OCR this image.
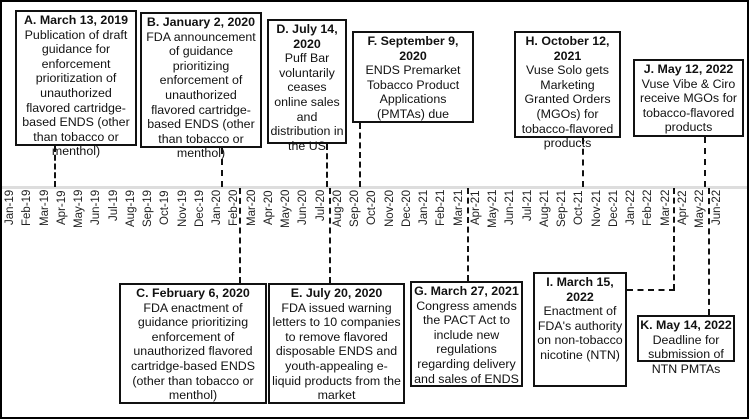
Jan-19 Feb-19 Mar-19 Apr-19 May-19 Jun-19 Jul-19 Aug-19 Sep-19 Oct-19 Nov-19 Dec-19 Jan-20 Feb-20 Mar-20 Apr-20 May-20 Jun-20 Jul-20 Aug-20 Sep-20 Oct-20 Nov-20 Dec-20 Jan-21 Feb-21 Mar-21 Apr-21 May-21 Jun-21 Jul-21 Aug-21 Sep-21 Oct-21 Nov-21 Dec-21 Jan-22 Feb-22 Mar-22 Apr-22 May-22 Jun-22
A. March 13, 2019
Publication of draft guidance for enforcement prioritization of unauthorized flavored cartridge-based ENDS (other than tobacco or menthol)
B. January 2, 2020
FDA announcement of guidance prioritizing enforcement of unauthorized flavored cartridge-based ENDS (other than tobacco or menthol)
D. July 14, 2020
Puff Bar voluntarily ceases online sales and distribution in the US
F. September 9, 2020
ENDS Premarket Tobacco Product Applications (PMTAs) due
H. October 12, 2021
Vuse Solo gets Marketing Granted Orders (MGOs) for tobacco-flavored products
J. May 12, 2022
Vuse Vibe & Ciro receive MGOs for tobacco-flavored products
C. February 6, 2020
FDA enactment of guidance prioritizing enforcement of unauthorized flavored cartridge-based ENDS (other than tobacco or menthol)
E. July 20, 2020
FDA issued warning letters to 10 companies to remove flavored disposable ENDS and youth-appealing e-liquid products from the market
G. March 27, 2021
Congress amends the PACT Act to include new regulations regarding delivery and sales of ENDS
I. March 15, 2022
Enactment of FDA's authority on non-tobacco nicotine (NTN)
K. May 14, 2022
Deadline for submission of NTN PMTAs
